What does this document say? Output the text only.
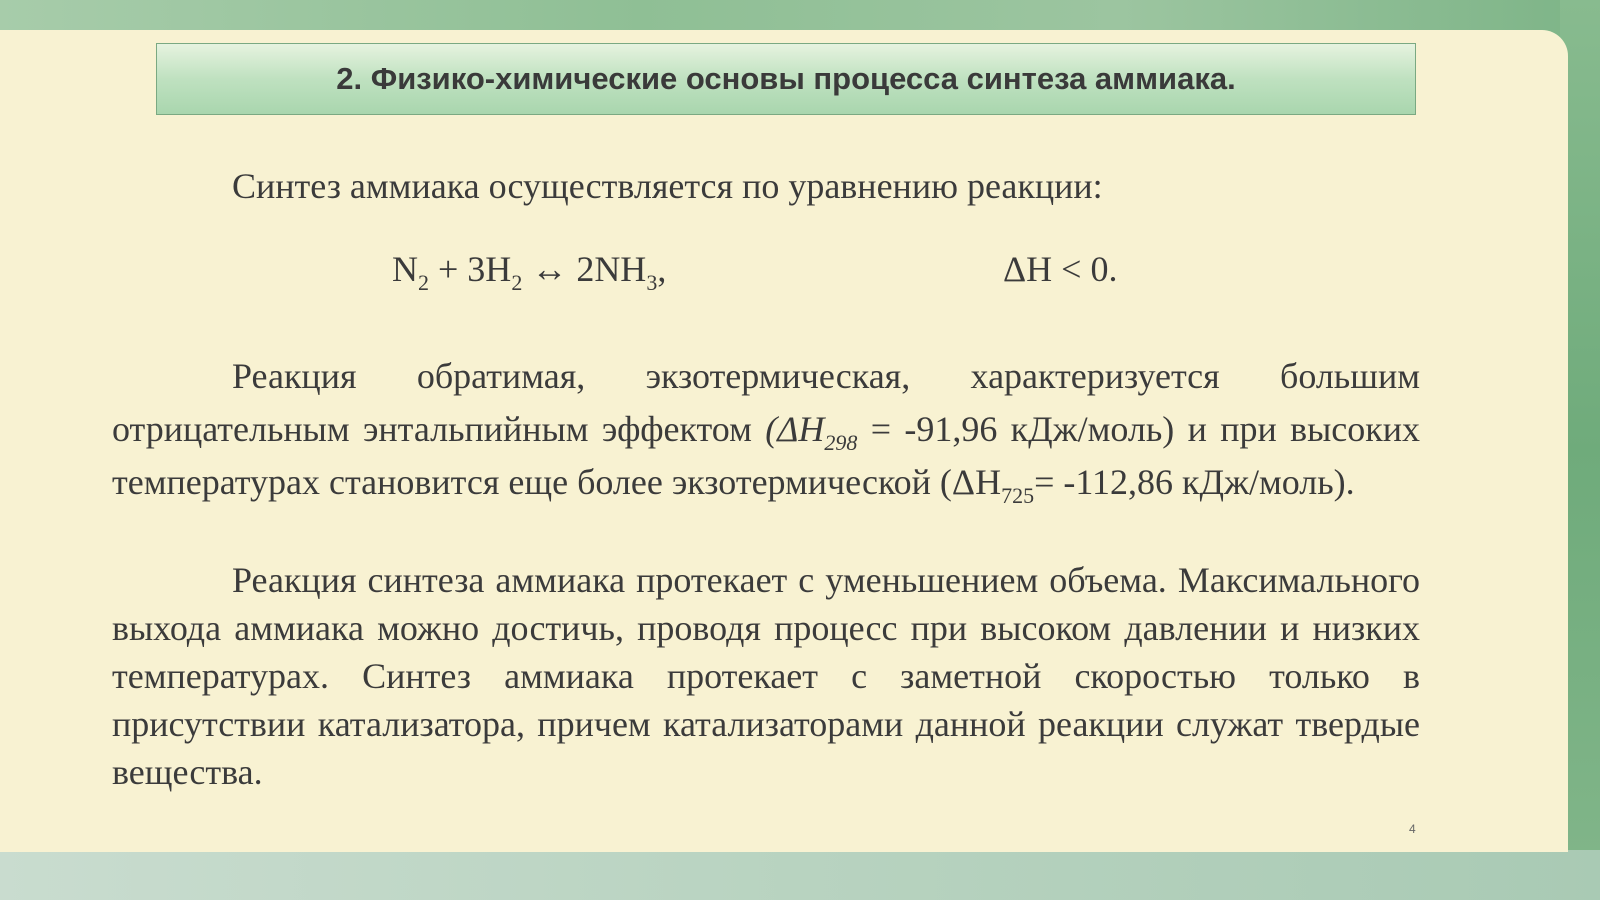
2. Физико-химические основы процесса синтеза аммиака.
Синтез аммиака осуществляется по уравнению реакции:
$N_2 + 3H_2$ ↔ $2NH_3$,	ΔH < 0.
Реакция обратимая, экзотермическая, характеризуется большим отрицательным энтальпийным эффектом ($\Delta H_{298} = -91,96$ кДж/моль) и при высоких температурах становится еще более экзотермической ($\Delta H_{725}= -112,86$ кДж/моль).
Реакция синтеза аммиака протекает с уменьшением объема. Максимального выхода аммиака можно достичь, проводя процесс при высоком давлении и низких температурах. Синтез аммиака протекает с заметной скоростью только в присутствии катализатора, причем катализаторами данной реакции служат твердые вещества.
4
